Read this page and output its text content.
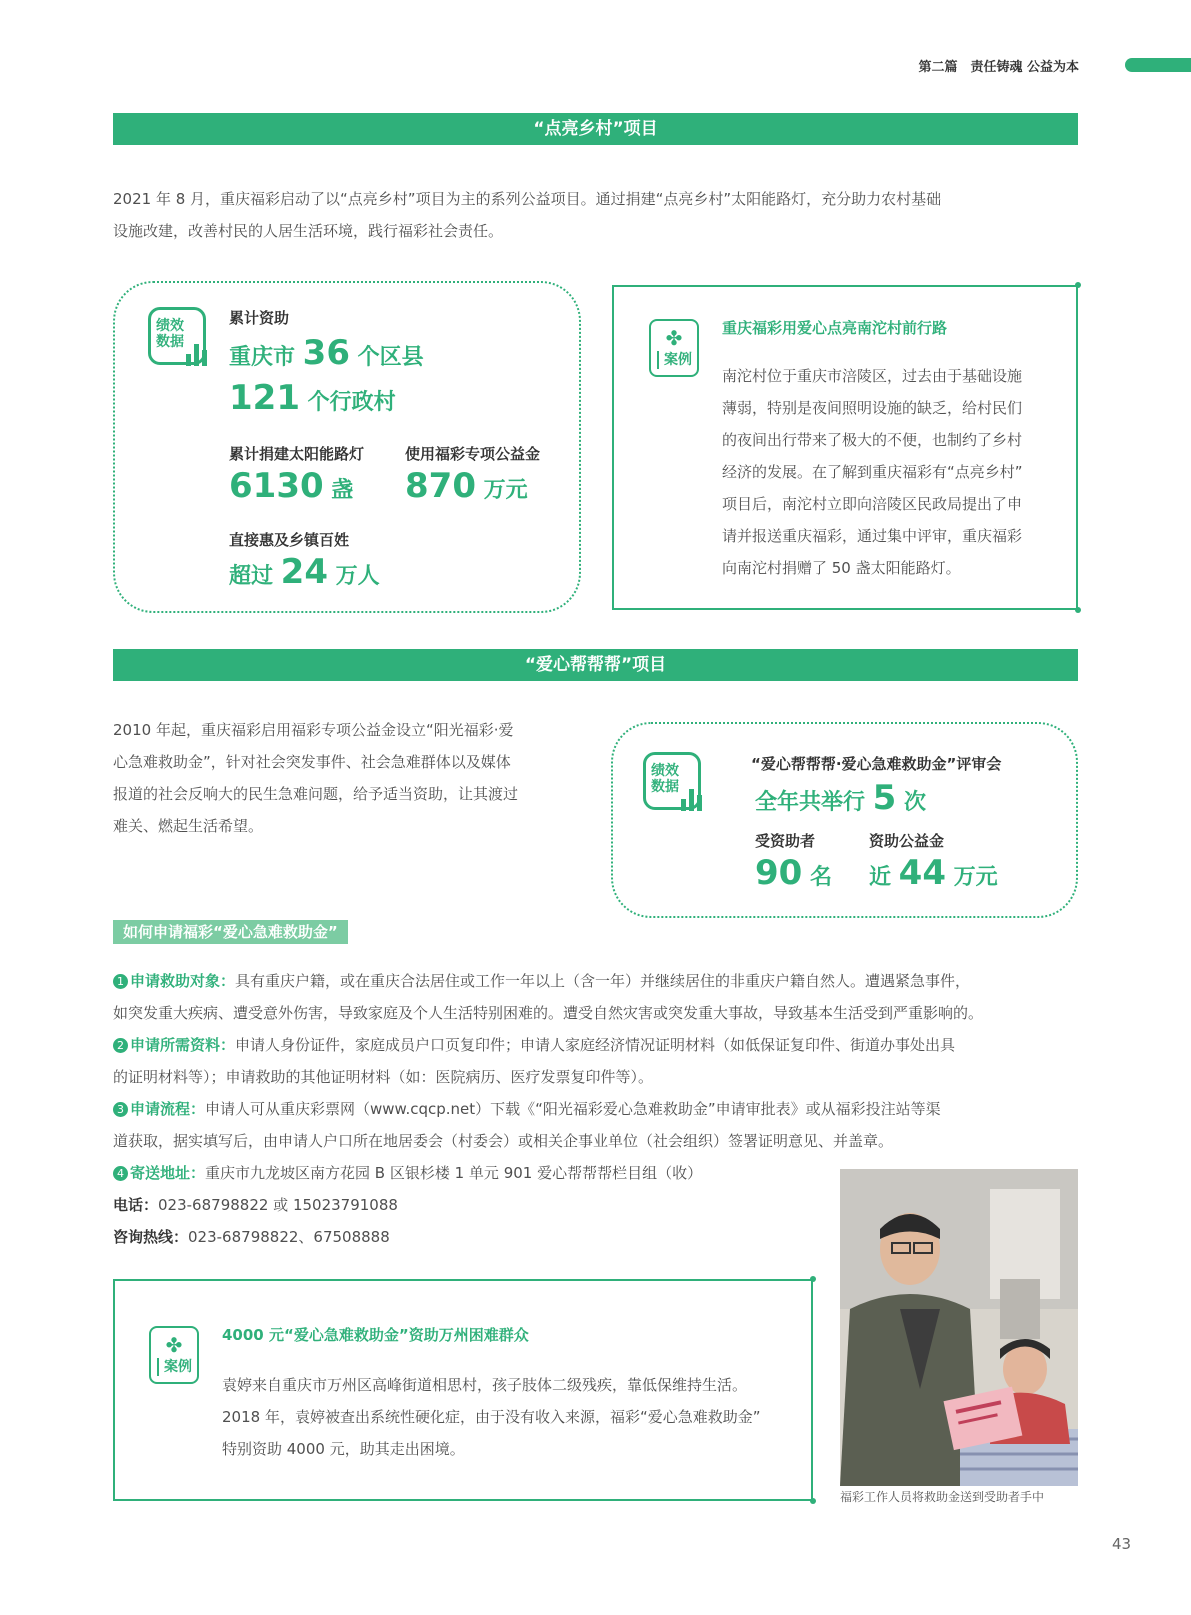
第二篇　责任铸魂 公益为本
“点亮乡村”项目
2021 年 8 月，重庆福彩启动了以“点亮乡村”项目为主的系列公益项目。通过捐建“点亮乡村”太阳能路灯，充分助力农村基础
设施改建，改善村民的人居生活环境，践行福彩社会责任。
绩效
数据
累计资助
重庆市 36 个区县
121 个行政村
累计捐建太阳能路灯
6130 盏
使用福彩专项公益金
870 万元
直接惠及乡镇百姓
超过 24 万人
✤
案例
重庆福彩用爱心点亮南沱村前行路
南沱村位于重庆市涪陵区，过去由于基础设施
薄弱，特别是夜间照明设施的缺乏，给村民们
的夜间出行带来了极大的不便，也制约了乡村
经济的发展。在了解到重庆福彩有“点亮乡村”
项目后，南沱村立即向涪陵区民政局提出了申
请并报送重庆福彩，通过集中评审，重庆福彩
向南沱村捐赠了 50 盏太阳能路灯。
“爱心帮帮帮”项目
2010 年起，重庆福彩启用福彩专项公益金设立“阳光福彩·爱
心急难救助金”，针对社会突发事件、社会急难群体以及媒体
报道的社会反响大的民生急难问题，给予适当资助，让其渡过
难关、燃起生活希望。
绩效
数据
“爱心帮帮帮·爱心急难救助金”评审会
全年共举行 5 次
受资助者
90 名
资助公益金
近 44 万元
如何申请福彩“爱心急难救助金”
1 申请救助对象：具有重庆户籍，或在重庆合法居住或工作一年以上（含一年）并继续居住的非重庆户籍自然人。遭遇紧急事件，
如突发重大疾病、遭受意外伤害，导致家庭及个人生活特别困难的。遭受自然灾害或突发重大事故，导致基本生活受到严重影响的。
2 申请所需资料：申请人身份证件，家庭成员户口页复印件；申请人家庭经济情况证明材料（如低保证复印件、街道办事处出具
的证明材料等）；申请救助的其他证明材料（如：医院病历、医疗发票复印件等）。
3 申请流程：申请人可从重庆彩票网（www.cqcp.net）下载《“阳光福彩爱心急难救助金”申请审批表》或从福彩投注站等渠
道获取，据实填写后，由申请人户口所在地居委会（村委会）或相关企事业单位（社会组织）签署证明意见、并盖章。
4 寄送地址：重庆市九龙坡区南方花园 B 区银杉楼 1 单元 901 爱心帮帮帮栏目组（收）
电话：023-68798822 或 15023791088
咨询热线：023-68798822、67508888
✤
案例
4000 元“爱心急难救助金”资助万州困难群众
袁婷来自重庆市万州区高峰街道相思村，孩子肢体二级残疾，靠低保维持生活。
2018 年，袁婷被查出系统性硬化症，由于没有收入来源，福彩“爱心急难救助金”
特别资助 4000 元，助其走出困境。
福彩工作人员将救助金送到受助者手中
43
